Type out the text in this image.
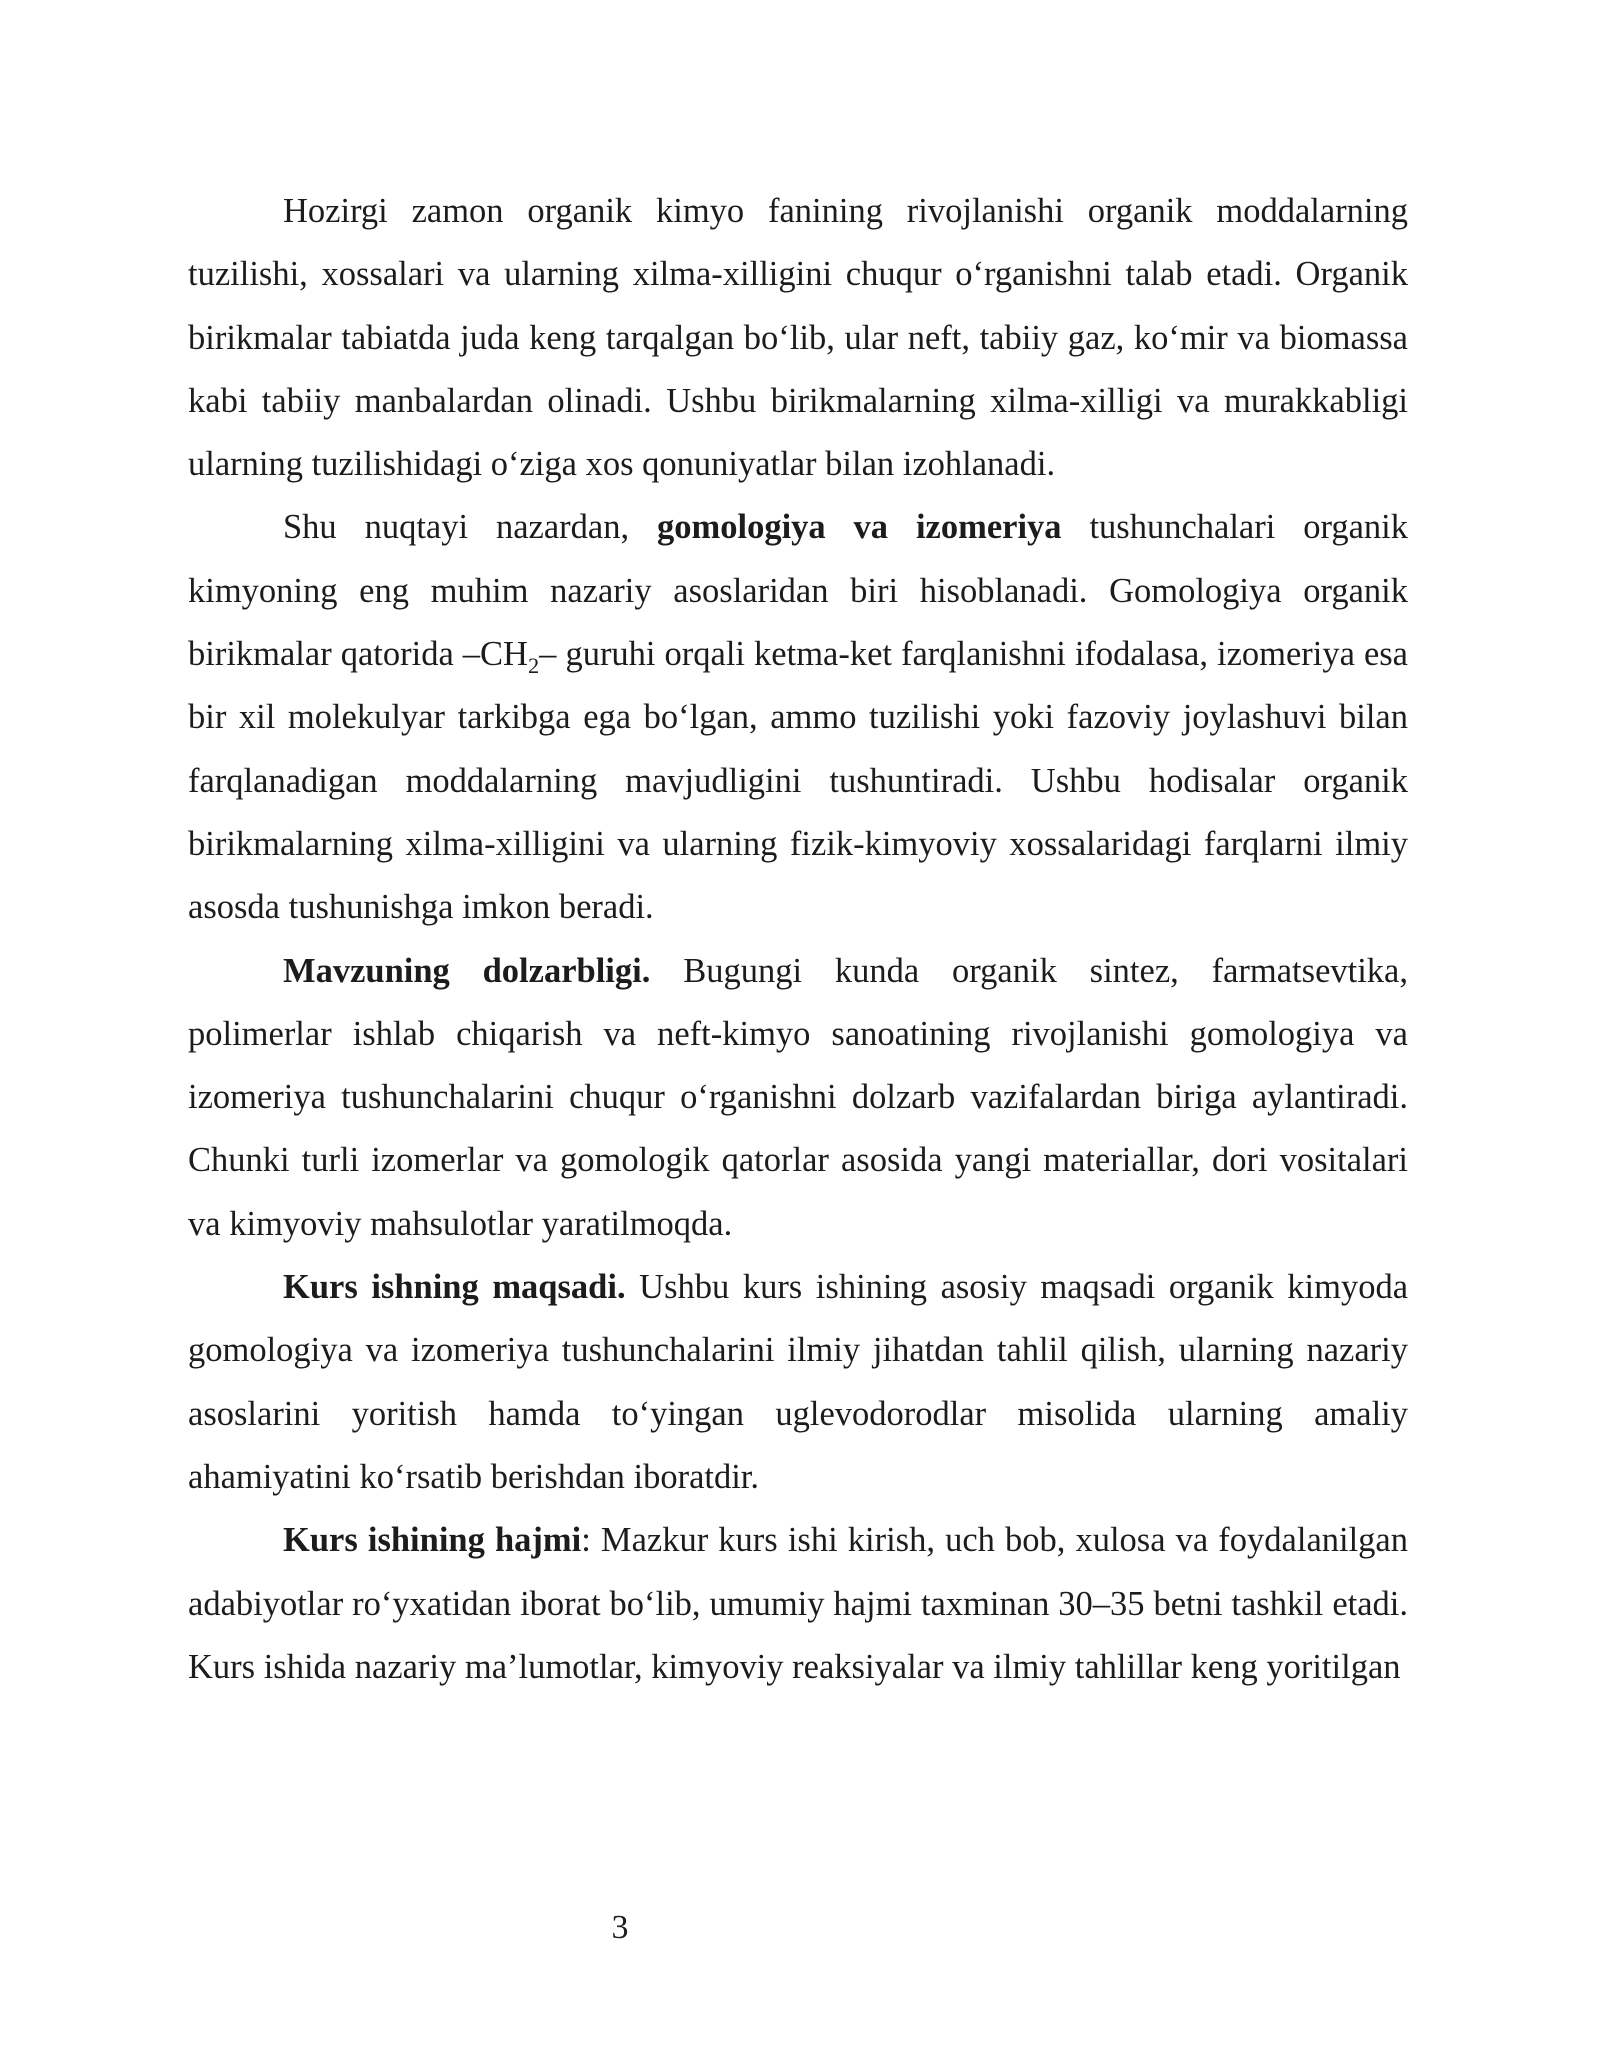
Hozirgi zamon organik kimyo fanining rivojlanishi organik moddalarning tuzilishi, xossalari va ularning xilma-xilligini chuqur o‘rganishni talab etadi. Organik birikmalar tabiatda juda keng tarqalgan bo‘lib, ular neft, tabiiy gaz, ko‘mir va biomassa kabi tabiiy manbalardan olinadi. Ushbu birikmalarning xilma-xilligi va murakkabligi ularning tuzilishidagi o‘ziga xos qonuniyatlar bilan izohlanadi.

Shu nuqtayi nazardan, gomologiya va izomeriya tushunchalari organik kimyoning eng muhim nazariy asoslaridan biri hisoblanadi. Gomologiya organik birikmalar qatorida $-CH_2-$ guruhi orqali ketma-ket farqlanishni ifodalasa, izomeriya esa bir xil molekulyar tarkibga ega bo‘lgan, ammo tuzilishi yoki fazoviy joylashuvi bilan farqlanadigan moddalarning mavjudligini tushuntiradi. Ushbu hodisalar organik birikmalarning xilma-xilligini va ularning fizik-kimyoviy xossalaridagi farqlarni ilmiy asosda tushunishga imkon beradi.

Mavzuning dolzarbligi. Bugungi kunda organik sintez, farmatsevtika, polimerlar ishlab chiqarish va neft-kimyo sanoatining rivojlanishi gomologiya va izomeriya tushunchalarini chuqur o‘rganishni dolzarb vazifalardan biriga aylantiradi. Chunki turli izomerlar va gomologik qatorlar asosida yangi materiallar, dori vositalari va kimyoviy mahsulotlar yaratilmoqda.

Kurs ishning maqsadi. Ushbu kurs ishining asosiy maqsadi organik kimyoda gomologiya va izomeriya tushunchalarini ilmiy jihatdan tahlil qilish, ularning nazariy asoslarini yoritish hamda to‘yingan uglevodorodlar misolida ularning amaliy ahamiyatini ko‘rsatib berishdan iboratdir.

Kurs ishining hajmi: Mazkur kurs ishi kirish, uch bob, xulosa va foydalanilgan adabiyotlar ro‘yxatidan iborat bo‘lib, umumiy hajmi taxminan 30–35 betni tashkil etadi. Kurs ishida nazariy ma’lumotlar, kimyoviy reaksiyalar va ilmiy tahlillar keng yoritilgan

3
